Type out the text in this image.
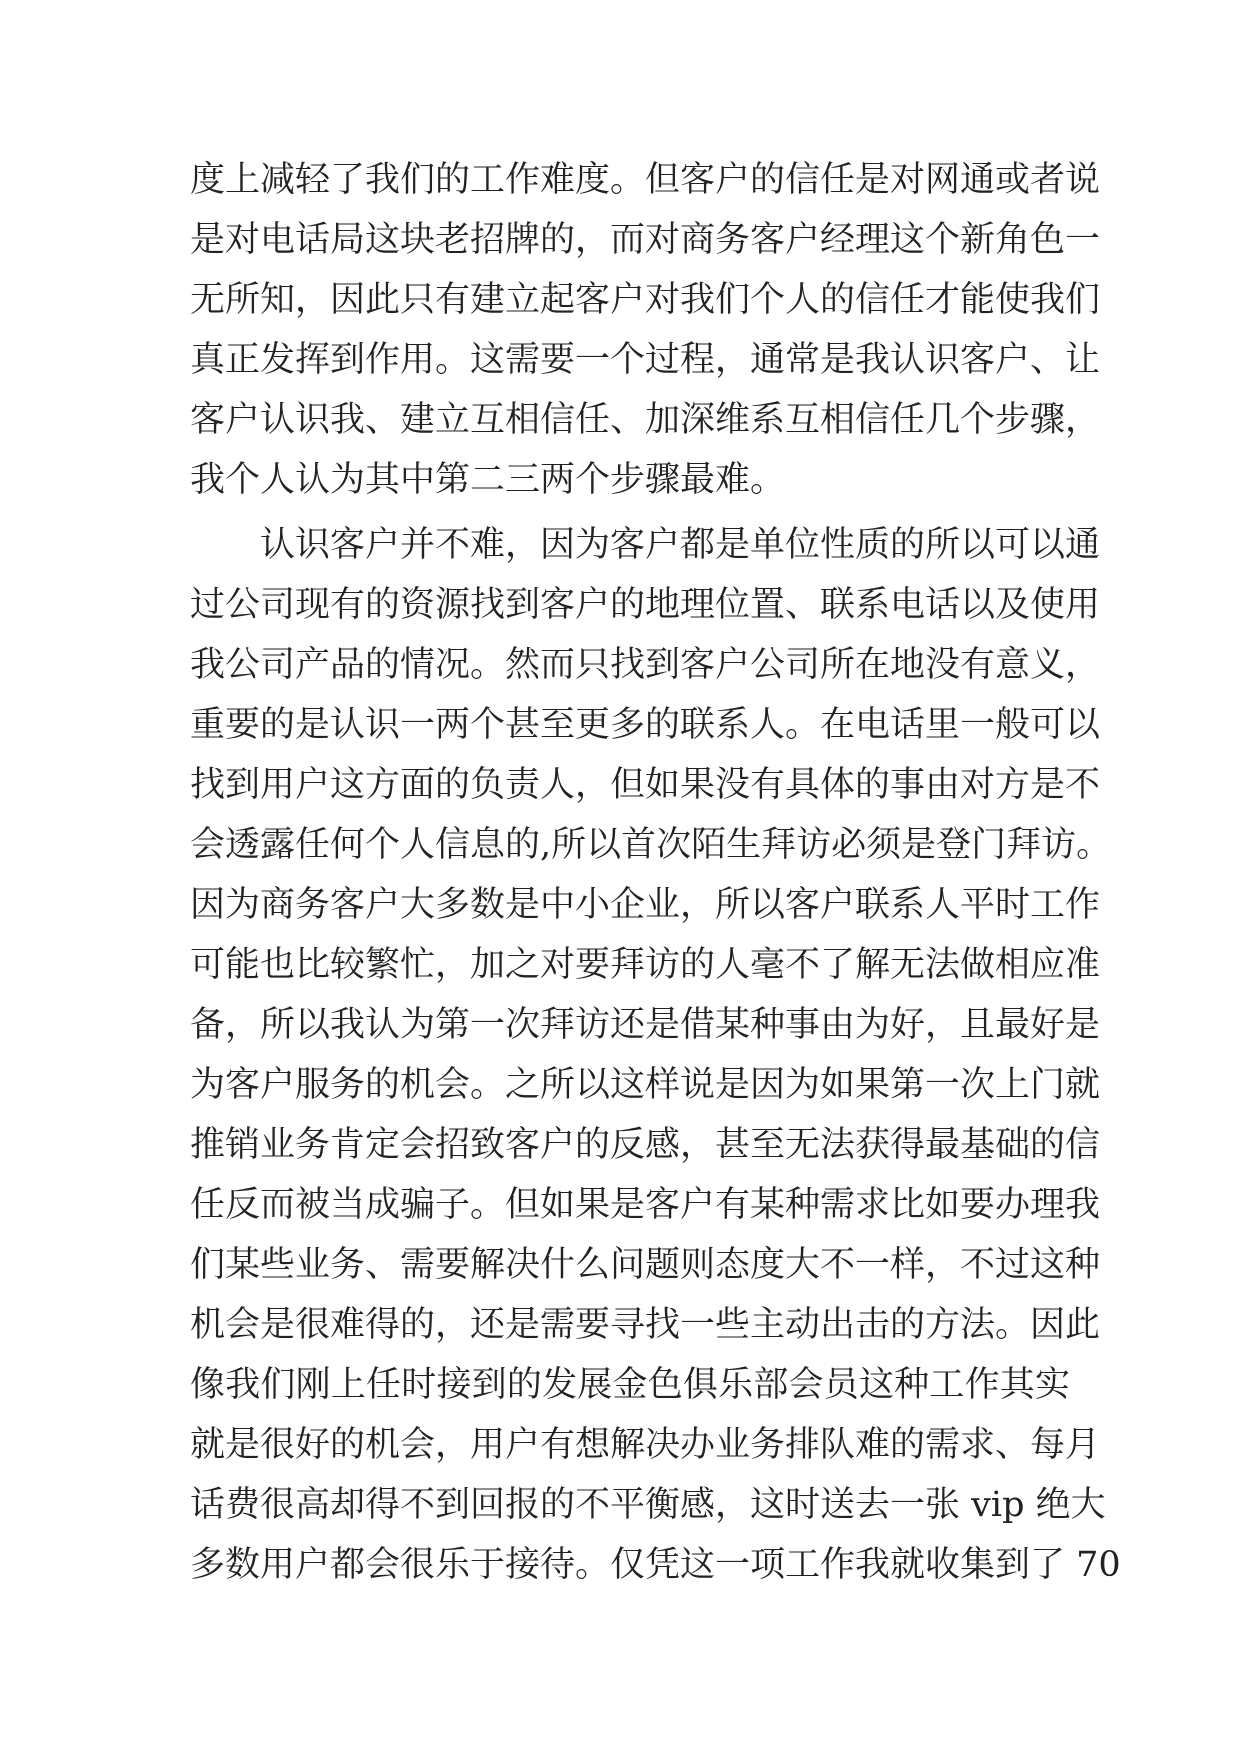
度上减轻了我们的工作难度。但客户的信任是对网通或者说
是对电话局这块老招牌的，而对商务客户经理这个新角色一
无所知，因此只有建立起客户对我们个人的信任才能使我们
真正发挥到作用。这需要一个过程，通常是我认识客户、让
客户认识我、建立互相信任、加深维系互相信任几个步骤，
我个人认为其中第二三两个步骤最难。
认识客户并不难，因为客户都是单位性质的所以可以通
过公司现有的资源找到客户的地理位置、联系电话以及使用
我公司产品的情况。然而只找到客户公司所在地没有意义，
重要的是认识一两个甚至更多的联系人。在电话里一般可以
找到用户这方面的负责人，但如果没有具体的事由对方是不
会透露任何个人信息的,所以首次陌生拜访必须是登门拜访。
因为商务客户大多数是中小企业，所以客户联系人平时工作
可能也比较繁忙，加之对要拜访的人毫不了解无法做相应准
备，所以我认为第一次拜访还是借某种事由为好，且最好是
为客户服务的机会。之所以这样说是因为如果第一次上门就
推销业务肯定会招致客户的反感，甚至无法获得最基础的信
任反而被当成骗子。但如果是客户有某种需求比如要办理我
们某些业务、需要解决什么问题则态度大不一样，不过这种
机会是很难得的，还是需要寻找一些主动出击的方法。因此
像我们刚上任时接到的发展金色俱乐部会员这种工作其实
就是很好的机会，用户有想解决办业务排队难的需求、每月
话费很高却得不到回报的不平衡感，这时送去一张 vip 绝大
多数用户都会很乐于接待。仅凭这一项工作我就收集到了 70
